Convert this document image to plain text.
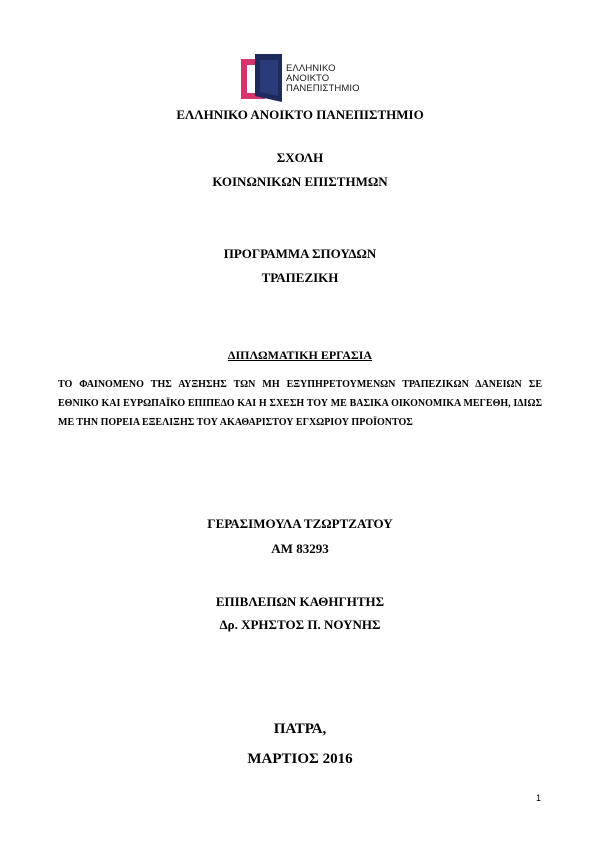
ΕΛΛΗΝΙΚΟ
ΑΝΟΙΚΤΟ
ΠΑΝΕΠΙΣΤΗΜΙΟ
ΕΛΛΗΝΙΚΟ ΑΝΟΙΚΤΟ ΠΑΝΕΠΙΣΤΗΜΙΟ
ΣΧΟΛΗ
ΚΟΙΝΩΝΙΚΩΝ ΕΠΙΣΤΗΜΩΝ
ΠΡΟΓΡΑΜΜΑ ΣΠΟΥΔΩΝ
ΤΡΑΠΕΖΙΚΗ
ΔΙΠΛΩΜΑΤΙΚΗ ΕΡΓΑΣΙΑ
ΤΟ ΦΑΙΝΟΜΕΝΟ ΤΗΣ ΑΥΞΗΣΗΣ ΤΩΝ ΜΗ ΕΞΥΠΗΡΕΤΟΥΜΕΝΩΝ ΤΡΑΠΕΖΙΚΩΝ ΔΑΝΕΙΩΝ ΣΕ ΕΘΝΙΚΟ ΚΑΙ ΕΥΡΩΠΑΪΚΟ ΕΠΙΠΕΔΟ ΚΑΙ Η ΣΧΕΣΗ ΤΟΥ ΜΕ ΒΑΣΙΚΑ ΟΙΚΟΝΟΜΙΚΑ ΜΕΓΕΘΗ, ΙΔΙΩΣ ΜΕ ΤΗΝ ΠΟΡΕΙΑ ΕΞΕΛΙΞΗΣ ΤΟΥ ΑΚΑΘΑΡΙΣΤΟΥ ΕΓΧΩΡΙΟΥ ΠΡΟΪΟΝΤΟΣ
ΓΕΡΑΣΙΜΟΥΛΑ ΤΖΩΡΤΖΑΤΟΥ
ΑΜ 83293
ΕΠΙΒΛΕΠΩΝ ΚΑΘΗΓΗΤΗΣ
Δρ. ΧΡΗΣΤΟΣ Π. ΝΟΥΝΗΣ
ΠΑΤΡΑ,
ΜΑΡΤΙΟΣ 2016
1
